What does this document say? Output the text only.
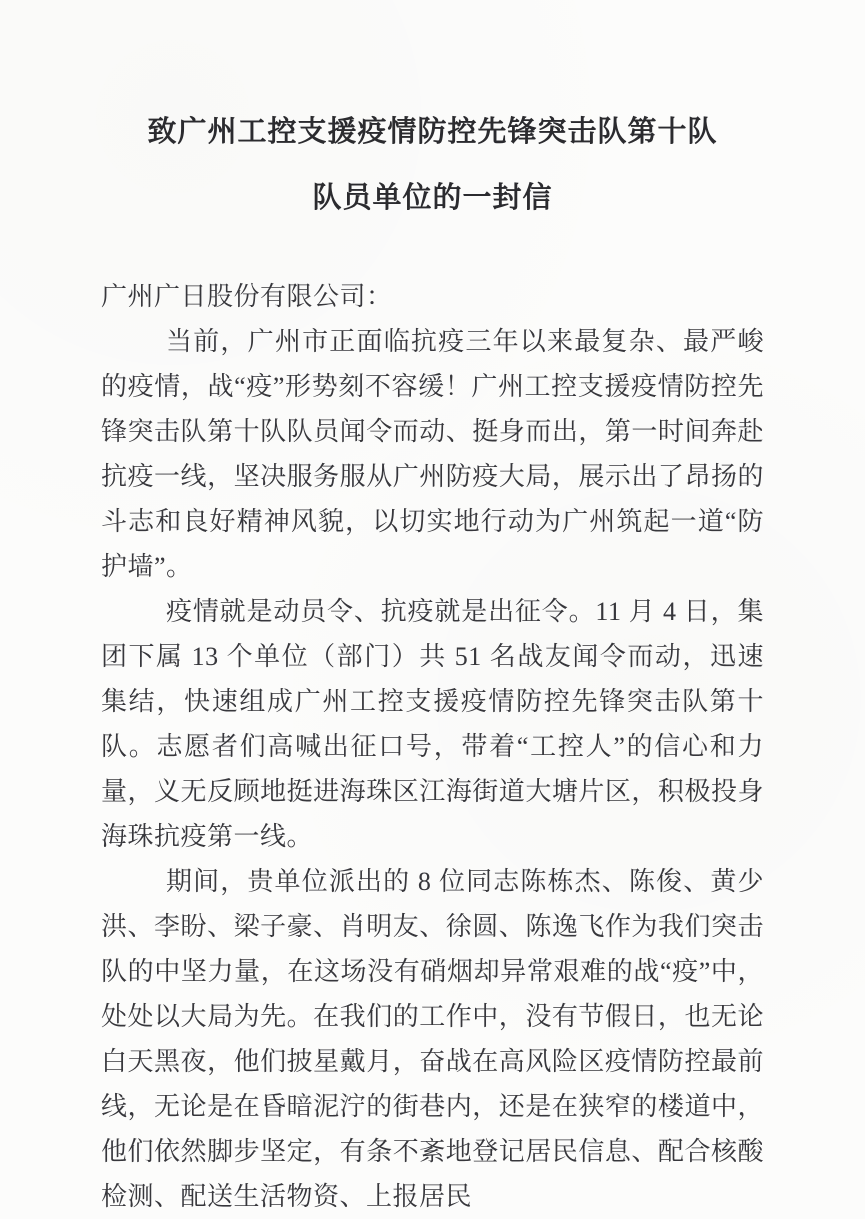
致广州工控支援疫情防控先锋突击队第十队
队员单位的一封信

广州广日股份有限公司：

当前，广州市正面临抗疫三年以来最复杂、最严峻的疫情，战“疫”形势刻不容缓！广州工控支援疫情防控先锋突击队第十队队员闻令而动、挺身而出，第一时间奔赴抗疫一线，坚决服务服从广州防疫大局，展示出了昂扬的斗志和良好精神风貌，以切实地行动为广州筑起一道“防护墙”。

疫情就是动员令、抗疫就是出征令。11 月 4 日，集团下属 13 个单位（部门）共 51 名战友闻令而动，迅速集结，快速组成广州工控支援疫情防控先锋突击队第十队。志愿者们高喊出征口号，带着“工控人”的信心和力量，义无反顾地挺进海珠区江海街道大塘片区，积极投身海珠抗疫第一线。

期间，贵单位派出的 8 位同志陈栋杰、陈俊、黄少洪、李盼、梁子豪、肖明友、徐圆、陈逸飞作为我们突击队的中坚力量，在这场没有硝烟却异常艰难的战“疫”中，处处以大局为先。在我们的工作中，没有节假日，也无论白天黑夜，他们披星戴月，奋战在高风险区疫情防控最前线，无论是在昏暗泥泞的街巷内，还是在狭窄的楼道中，他们依然脚步坚定，有条不紊地登记居民信息、配合核酸检测、配送生活物资、上报居民
